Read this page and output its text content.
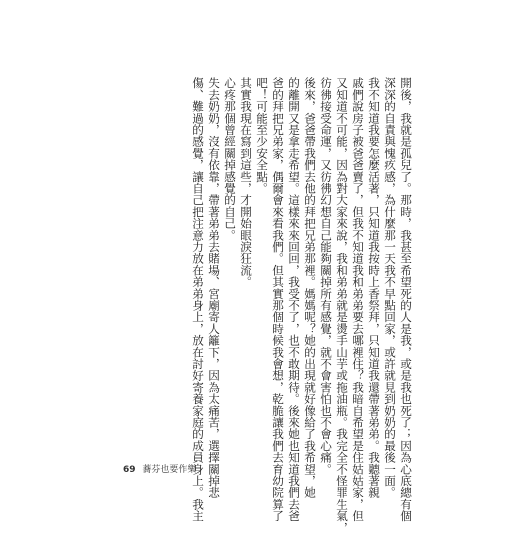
開後，我就是孤兒了。那時，我甚至希望死的人是我，或是我也死了；因為心底總有個
深深的自責與愧疚感，為什麼那一天我不早點回家，或許就見到奶奶的最後一面。
我不知道我要怎麼活著，只知道我按時上香祭拜，只知道我還帶著弟弟。我聽著親
戚們說房子被爸爸賣了，但我不知道我和弟弟要去哪裡住？我暗自希望是住姑姑家，但
又知道不可能，因為對大家來說，我和弟弟就是燙手山芋或拖油瓶。我完全不怪罪生氣，
彷彿接受命運，又彷彿幻想自己能夠關掉所有感覺，就不會害怕也不會心痛。
後來，爸爸帶我們去他的拜把兄弟那裡。媽媽呢？她的出現就好像給了我希望，她
的離開又是拿走希望。這樣來來回回，我受不了，也不敢期待。後來她也知道我們去爸
爸的拜把兄弟家，偶爾會來看我們。但其實那個時候我會想，乾脆讓我們去育幼院算了
吧！可能至少安全點。
其實我現在寫到這些，才開始眼淚狂流。
心疼那個曾經關掉感覺的自己。
失去奶奶，沒有依靠，帶著弟弟去賭場、宮廟寄人籬下，因為太痛苦，選擇關掉悲
傷、難過的感覺，讓自己把注意力放在弟弟身上，放在討好寄養家庭的成員身上。我主
69 蕎芬也要作樂
